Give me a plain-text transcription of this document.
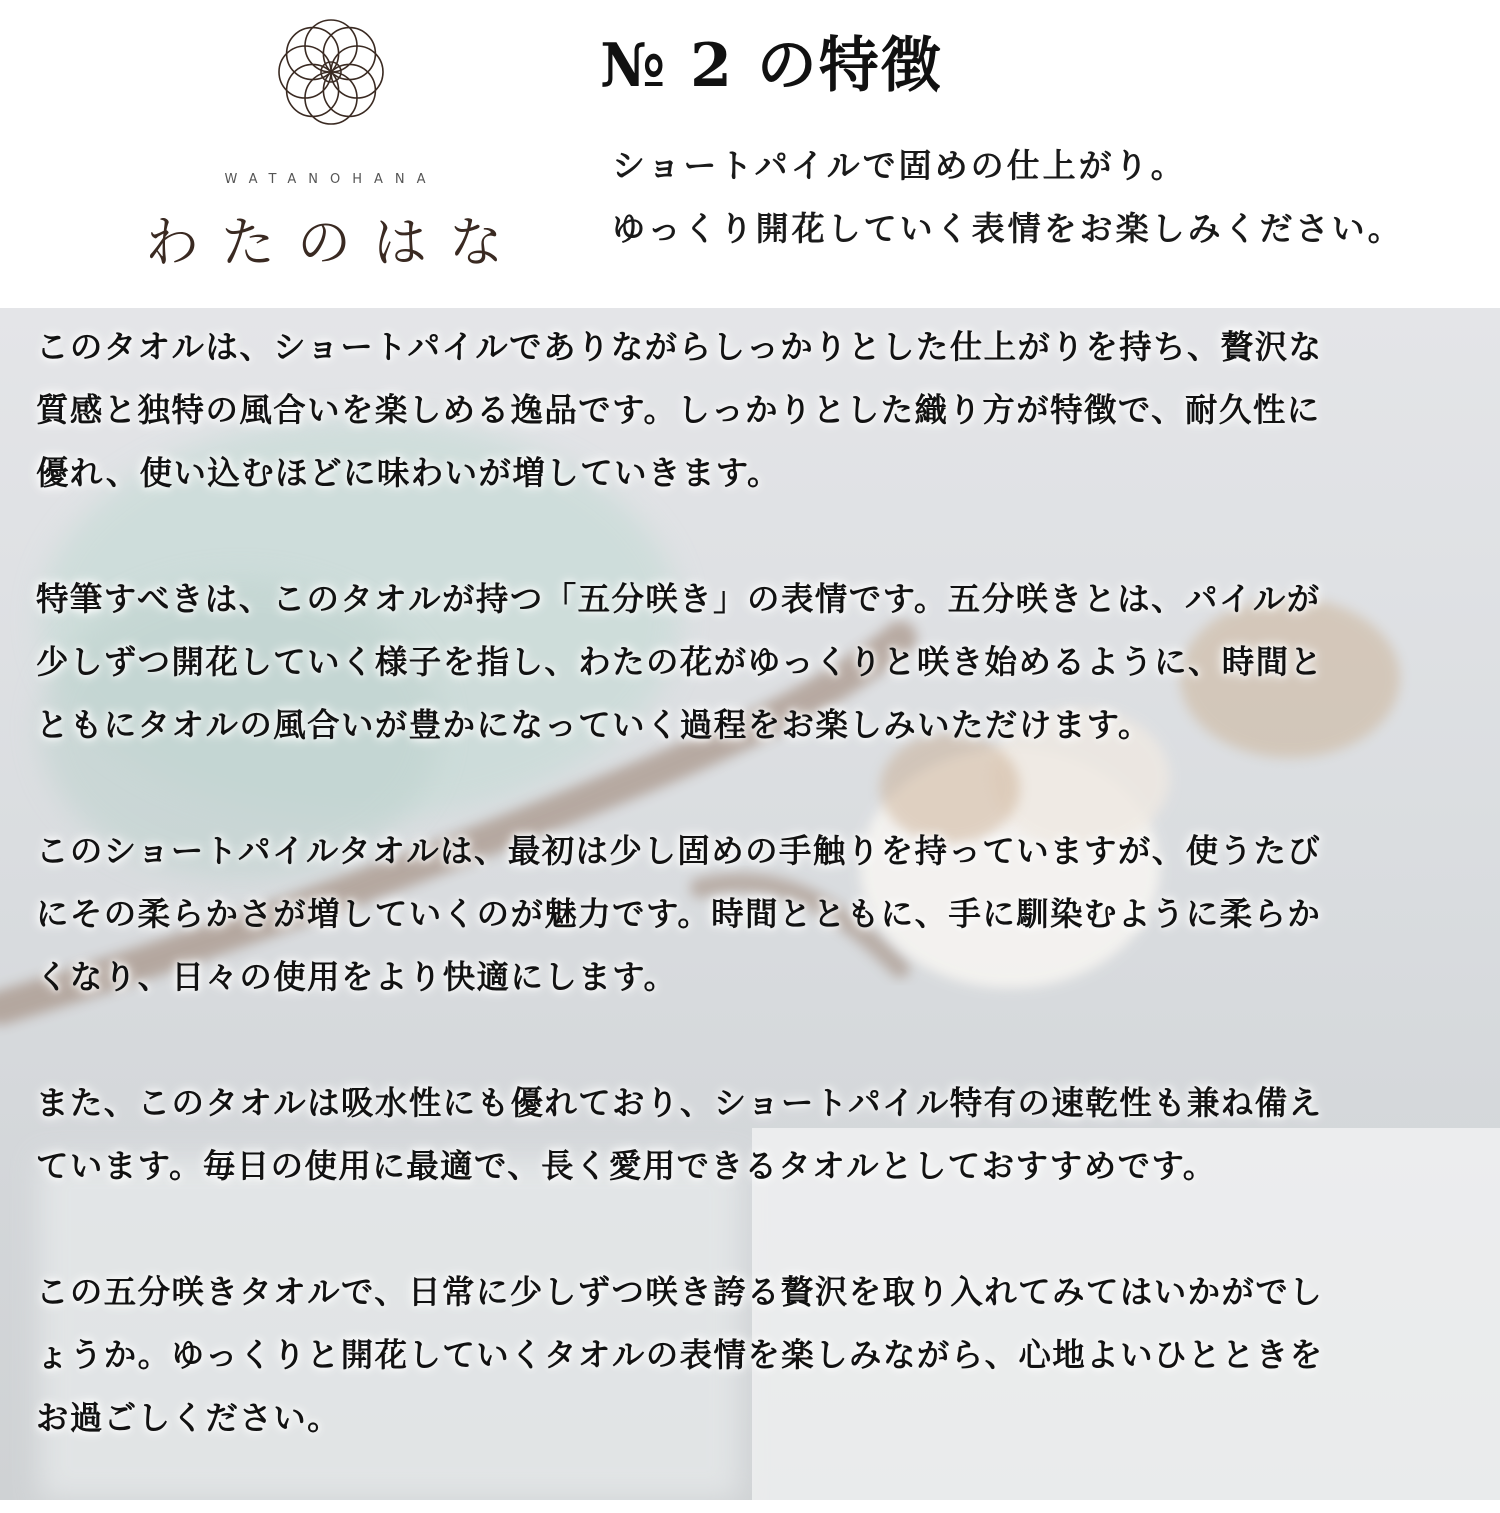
WATANOHANA
わたのはな
№ 2 の特徴
ショートパイルで固めの仕上がり。
ゆっくり開花していく表情をお楽しみください。

このタオルは、ショートパイルでありながらしっかりとした仕上がりを持ち、贅沢な
質感と独特の風合いを楽しめる逸品です。しっかりとした織り方が特徴で、耐久性に
優れ、使い込むほどに味わいが増していきます。

特筆すべきは、このタオルが持つ「五分咲き」の表情です。五分咲きとは、パイルが
少しずつ開花していく様子を指し、わたの花がゆっくりと咲き始めるように、時間と
ともにタオルの風合いが豊かになっていく過程をお楽しみいただけます。

このショートパイルタオルは、最初は少し固めの手触りを持っていますが、使うたび
にその柔らかさが増していくのが魅力です。時間とともに、手に馴染むように柔らか
くなり、日々の使用をより快適にします。

また、このタオルは吸水性にも優れており、ショートパイル特有の速乾性も兼ね備え
ています。毎日の使用に最適で、長く愛用できるタオルとしておすすめです。

この五分咲きタオルで、日常に少しずつ咲き誇る贅沢を取り入れてみてはいかがでし
ょうか。ゆっくりと開花していくタオルの表情を楽しみながら、心地よいひとときを
お過ごしください。
